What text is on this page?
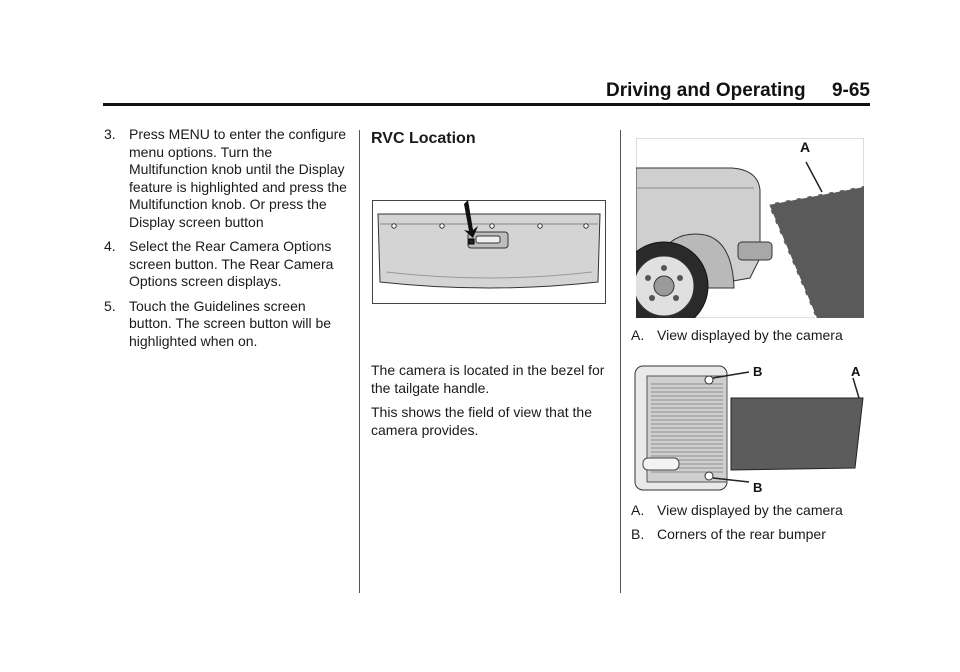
Driving and Operating 9-65
3. Press MENU to enter the configure menu options. Turn the Multifunction knob until the Display feature is highlighted and press the Multifunction knob. Or press the Display screen button
4. Select the Rear Camera Options screen button. The Rear Camera Options screen displays.
5. Touch the Guidelines screen button. The screen button will be highlighted when on.
RVC Location

The camera is located in the bezel for the tailgate handle.

This shows the field of view that the camera provides.

A
A. View displayed by the camera
B	A
B
A. View displayed by the camera
B. Corners of the rear bumper
